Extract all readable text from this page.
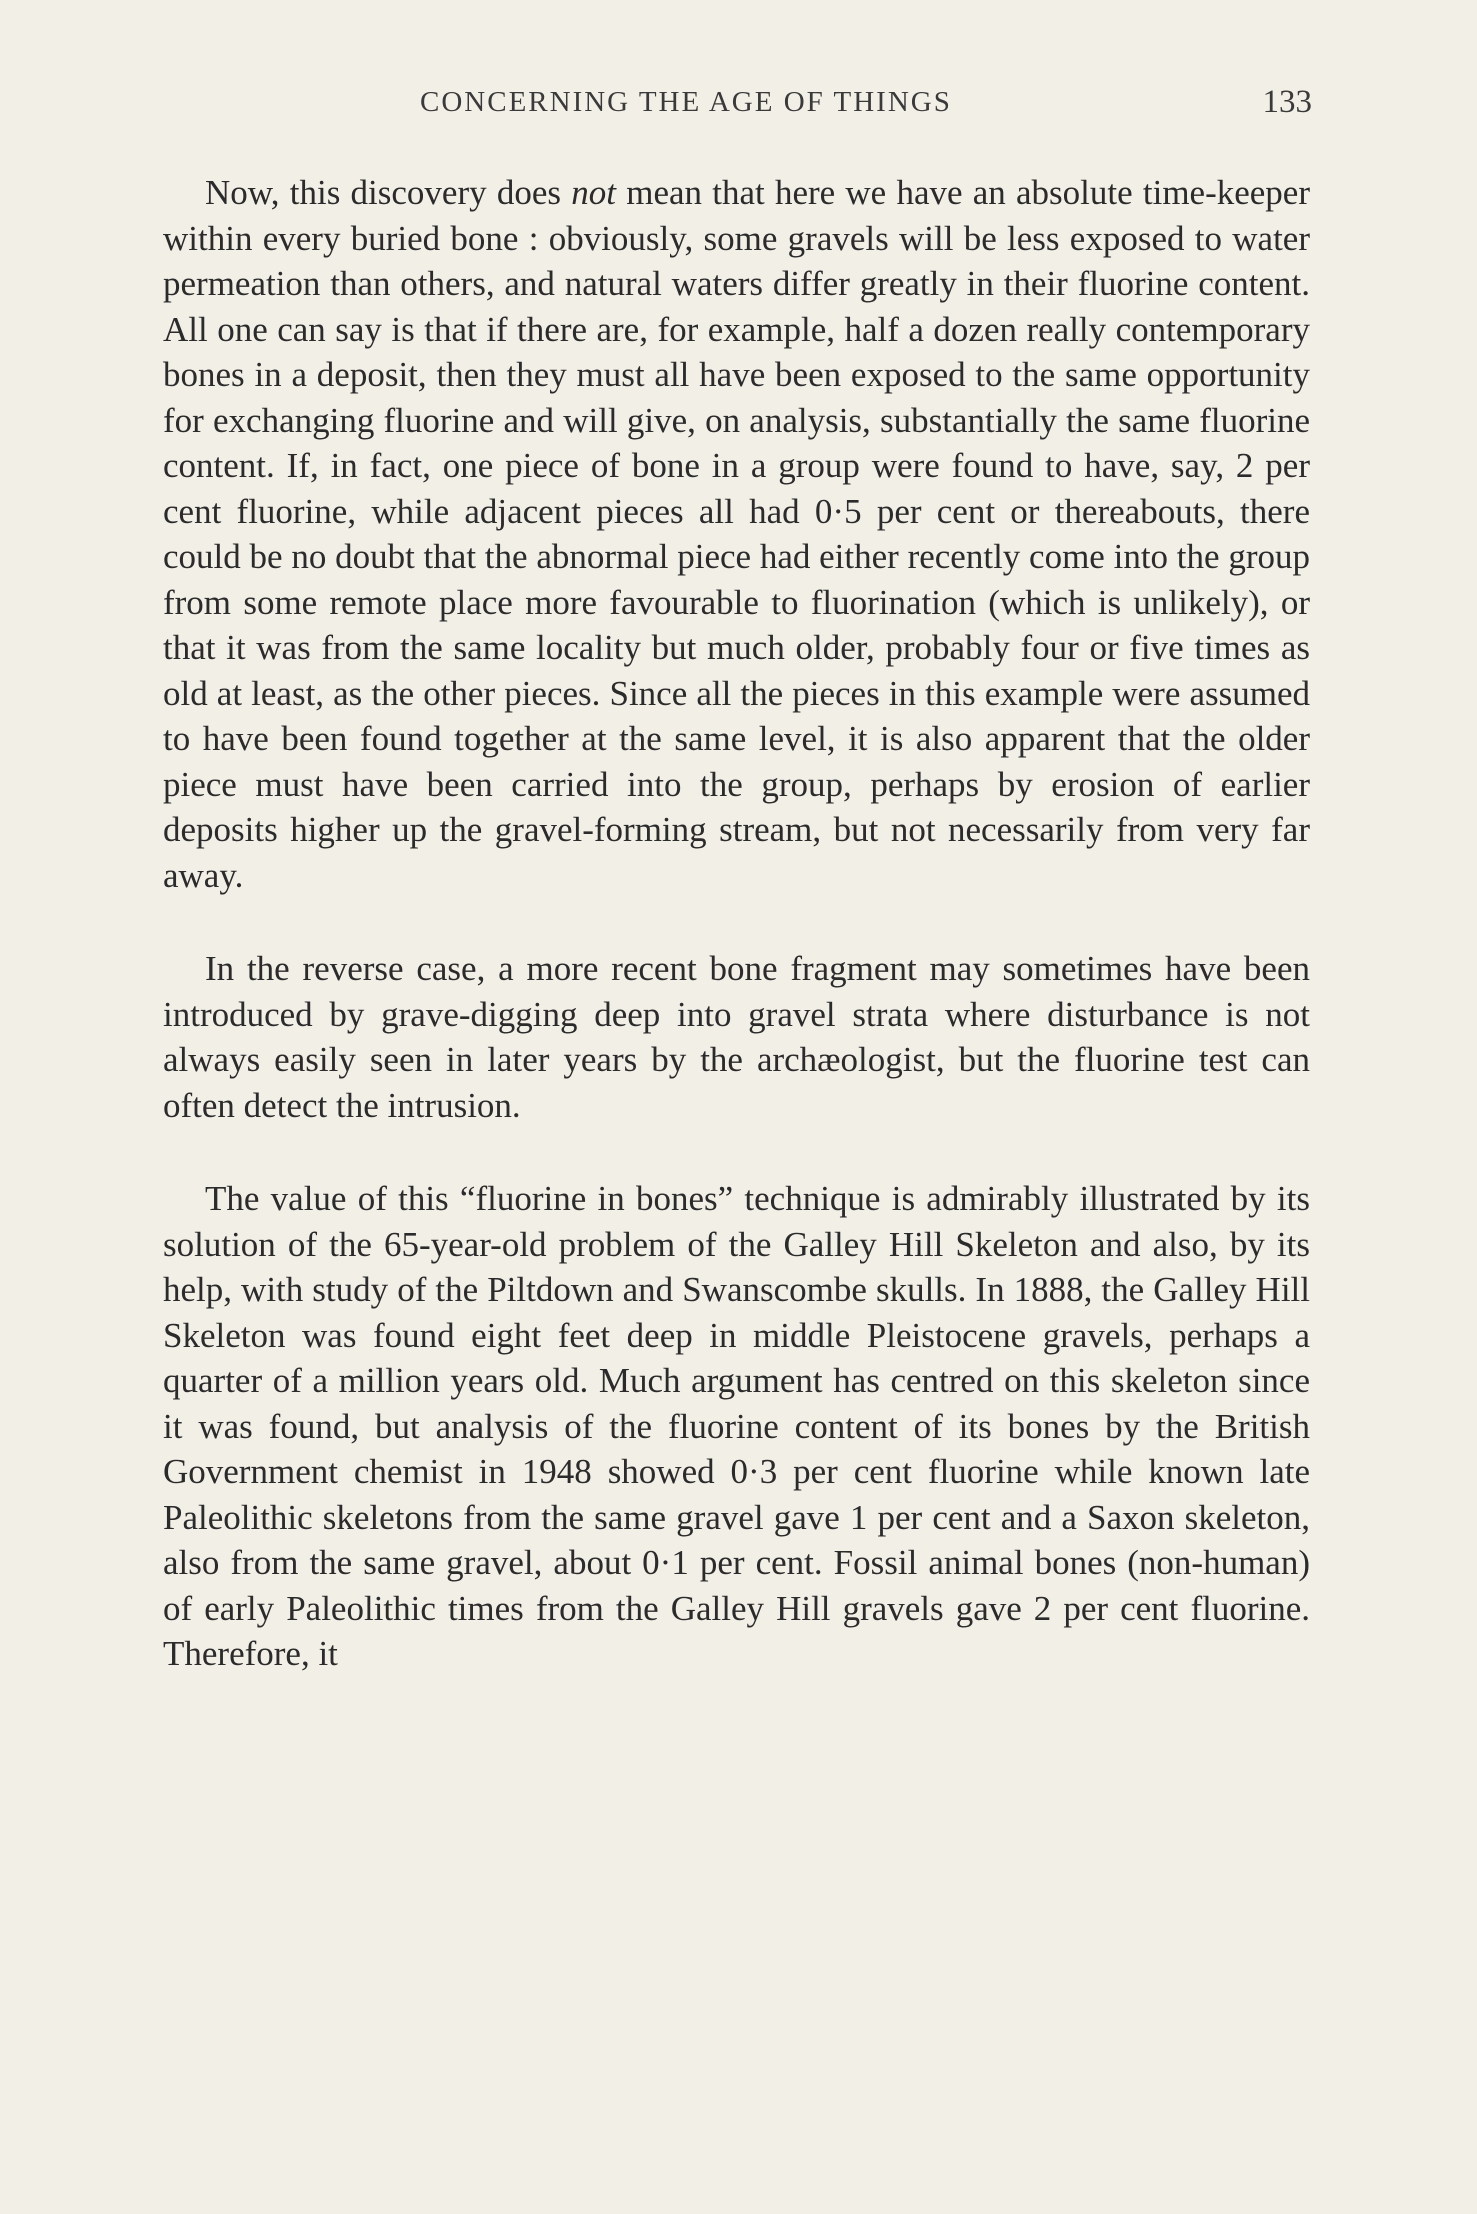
CONCERNING THE AGE OF THINGS	133

Now, this discovery does not mean that here we have an absolute time-keeper within every buried bone : obviously, some gravels will be less exposed to water permeation than others, and natural waters differ greatly in their fluorine content. All one can say is that if there are, for example, half a dozen really contemporary bones in a deposit, then they must all have been exposed to the same opportunity for exchanging fluorine and will give, on analysis, substantially the same fluorine content. If, in fact, one piece of bone in a group were found to have, say, 2 per cent fluorine, while adjacent pieces all had 0·5 per cent or thereabouts, there could be no doubt that the abnormal piece had either recently come into the group from some remote place more favourable to fluorination (which is unlikely), or that it was from the same locality but much older, probably four or five times as old at least, as the other pieces. Since all the pieces in this example were assumed to have been found together at the same level, it is also apparent that the older piece must have been carried into the group, perhaps by erosion of earlier deposits higher up the gravel-forming stream, but not necessarily from very far away.

In the reverse case, a more recent bone fragment may sometimes have been introduced by grave-digging deep into gravel strata where disturbance is not always easily seen in later years by the archæologist, but the fluorine test can often detect the intrusion.

The value of this “fluorine in bones” technique is admirably illustrated by its solution of the 65-year-old problem of the Galley Hill Skeleton and also, by its help, with study of the Piltdown and Swanscombe skulls. In 1888, the Galley Hill Skeleton was found eight feet deep in middle Pleistocene gravels, perhaps a quarter of a million years old. Much argument has centred on this skeleton since it was found, but analysis of the fluorine content of its bones by the British Government chemist in 1948 showed 0·3 per cent fluorine while known late Paleolithic skeletons from the same gravel gave 1 per cent and a Saxon skeleton, also from the same gravel, about 0·1 per cent. Fossil animal bones (non-human) of early Paleolithic times from the Galley Hill gravels gave 2 per cent fluorine. Therefore, it
